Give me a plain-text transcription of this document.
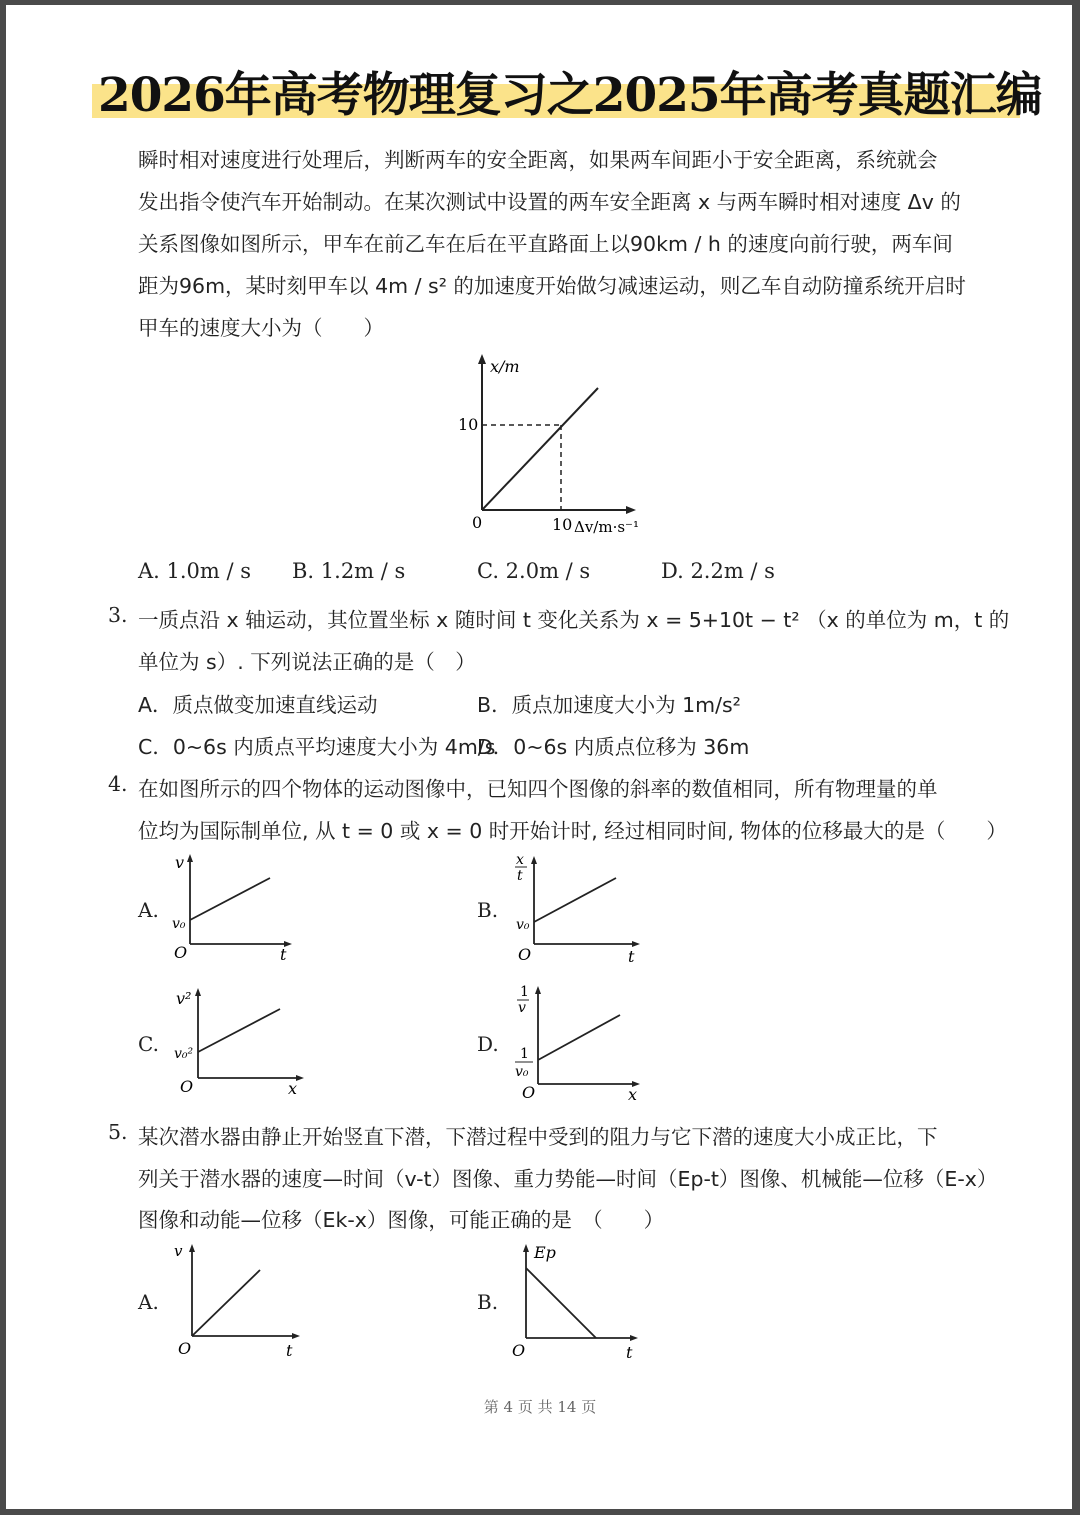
2026年高考物理复习之2025年高考真题汇编
瞬时相对速度进行处理后，判断两车的安全距离，如果两车间距小于安全距离，系统就会
发出指令使汽车开始制动。在某次测试中设置的两车安全距离 x 与两车瞬时相对速度 Δv 的
关系图像如图所示，甲车在前乙车在后在平直路面上以90km / h 的速度向前行驶，两车间
距为96m，某时刻甲车以 4m / s² 的加速度开始做匀减速运动，则乙车自动防撞系统开启时
甲车的速度大小为（　　）
x/m
10
0	10 Δv/m·s⁻¹
A. 1.0m / s B. 1.2m / s	C. 2.0m / s	D. 2.2m / s
3. 一质点沿 x 轴运动，其位置坐标 x 随时间 t 变化关系为 x = 5+10t − t² （x 的单位为 m，t 的
单位为 s）. 下列说法正确的是（　）
A．质点做变加速直线运动	B．质点加速度大小为 1m/s²
C．0~6s 内质点平均速度大小为 4m/s
D．0~6s 内质点位移为 36m
4. 在如图所示的四个物体的运动图像中，已知四个图像的斜率的数值相同，所有物理量的单
位均为国际制单位, 从 t = 0 或 x = 0 时开始计时, 经过相同时间, 物体的位移最大的是（　　）
A.
v
v₀
O	t
B.
x
t
v₀
O	t
C.
v²
v₀²
O	x
D.
1
v
1
v₀
O	x
5. 某次潜水器由静止开始竖直下潜，下潜过程中受到的阻力与它下潜的速度大小成正比，下
列关于潜水器的速度—时间（v-t）图像、重力势能—时间（Ep-t）图像、机械能—位移（E-x）
图像和动能—位移（Ek-x）图像，可能正确的是　（　　）
A.
v
O	t
B.
Ep
O	t
第 4 页 共 14 页
